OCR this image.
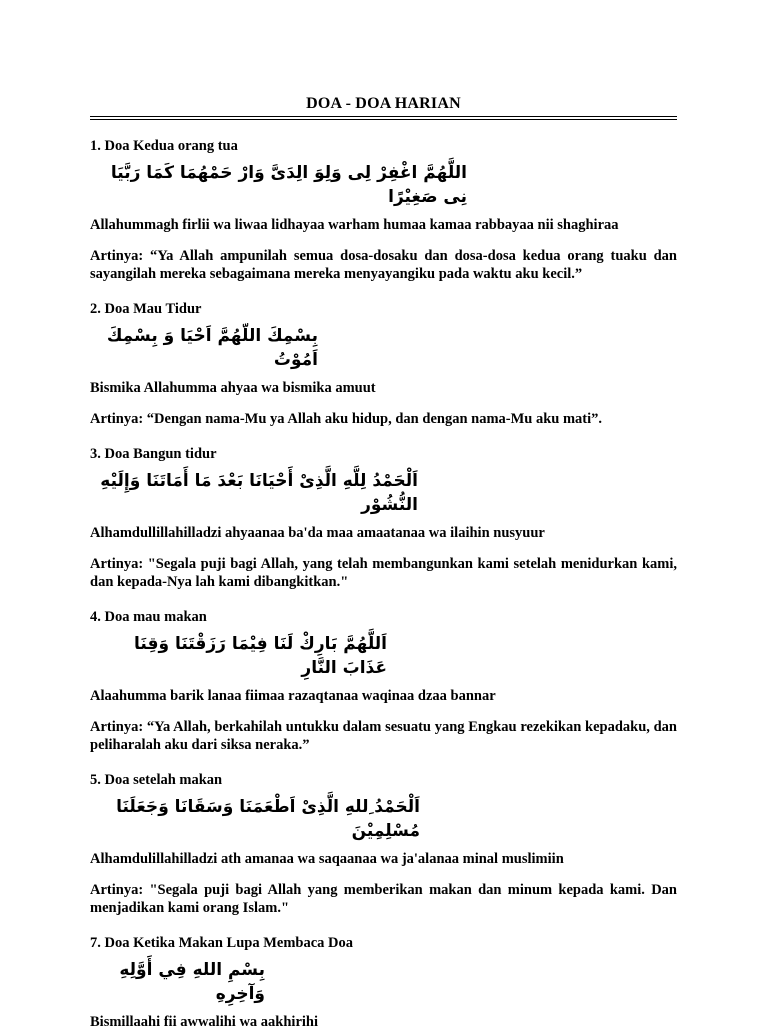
DOA - DOA HARIAN

1. Doa Kedua orang tua

اللَّهُمَّ اغْفِرْ لِى وَلِوَ الِدَىَّ وَارْ حَمْهُمَا كَمَا رَبَّيَا نِى صَغِيْرًا

Allahummagh firlii wa liwaa lidhayaa warham humaa kamaa rabbayaa nii shaghiraa

Artinya: “Ya Allah ampunilah semua dosa-dosaku dan dosa-dosa kedua orang tuaku dan sayangilah mereka sebagaimana mereka menyayangiku pada waktu aku kecil.”

2. Doa Mau Tidur

بِسْمِكَ اللّهُمَّ اَحْيَا وَ بِسْمِكَ اَمُوْتُ

Bismika Allahumma ahyaa wa bismika amuut

Artinya: “Dengan nama-Mu ya Allah aku hidup, dan dengan nama-Mu aku mati”.

3. Doa Bangun tidur

اَلْحَمْدُ لِلَّهِ الَّذِىْ أَحْيَانَا بَعْدَ مَا أَمَاتَنَا وَإِلَيْهِ النُّشُوْر

Alhamdullillahilladzi ahyaanaa ba'da maa amaatanaa wa ilaihin nusyuur

Artinya: "Segala puji bagi Allah, yang telah membangunkan kami setelah menidurkan kami, dan kepada-Nya lah kami dibangkitkan."

4. Doa mau makan

اَللَّهُمَّ بَارِكْ لَنَا فِيْمَا رَزَقْتَنَا وَقِنَا عَذَابَ النَّارِ

Alaahumma barik lanaa fiimaa razaqtanaa waqinaa dzaa bannar

Artinya: “Ya Allah, berkahilah untukku dalam sesuatu yang Engkau rezekikan kepadaku, dan peliharalah aku dari siksa neraka.”

5. Doa setelah makan

اَلْحَمْدُ ِللهِ الَّذِىْ اَطْعَمَنَا وَسَقَانَا وَجَعَلَنَا مُسْلِمِيْنَ

Alhamdulillahilladzi ath amanaa wa saqaanaa wa ja'alanaa minal muslimiin

Artinya: "Segala puji bagi Allah yang memberikan makan dan minum kepada kami. Dan menjadikan kami orang Islam."

7. Doa Ketika Makan Lupa Membaca Doa

بِسْمِ اللهِ فِي أَوَّلِهِ وَآخِرِهِ

Bismillaahi fii awwalihi wa aakhirihi
